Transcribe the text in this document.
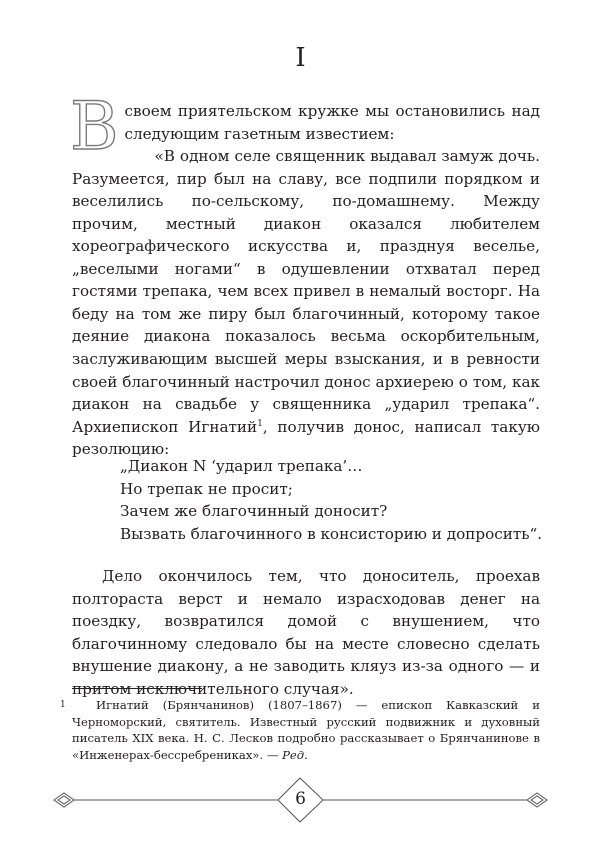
I
Всвоем приятельском кружке мы остановились над следующим газетным известием:
«В одном селе священник выдавал замуж дочь. Разумеется, пир был на славу, все подпили порядком и веселились по-сельскому, по-домашнему. Между прочим, местный диакон оказался любителем хореографического искусства и, празднуя веселье, „веселыми ногами“ в одушевлении отхватал перед гостями трепака, чем всех привел в немалый восторг. На беду на том же пиру был благочинный, которому такое деяние диакона показалось весьма оскорбительным, заслуживающим высшей меры взыскания, и в ревности своей благочинный настрочил донос архиерею о том, как диакон на свадьбе у священника „ударил трепака“. Архиепископ Игнатий$^1$, получив донос, написал такую резолюцию:
„Диакон N ‘ударил трепака’…
Но трепак не просит;
Зачем же благочинный доносит?
Вызвать благочинного в консисторию и допросить“.
Дело окончилось тем, что доноситель, проехав полтораста верст и немало израсходовав денег на поездку, возвратился домой с внушением, что благочинному следовало бы на месте словесно сделать внушение диакону, а не заводить кляуз из-за одного — и притом исключительного случая».
1	Игнатий (Брянчанинов) (1807–1867) — епископ Кавказский и Черноморский, святитель. Известный русский подвижник и духовный писатель XIX века. Н. С. Лесков подробно рассказывает о Брянчанинове в «Инженерах-бессребрениках». — Ред.
6
